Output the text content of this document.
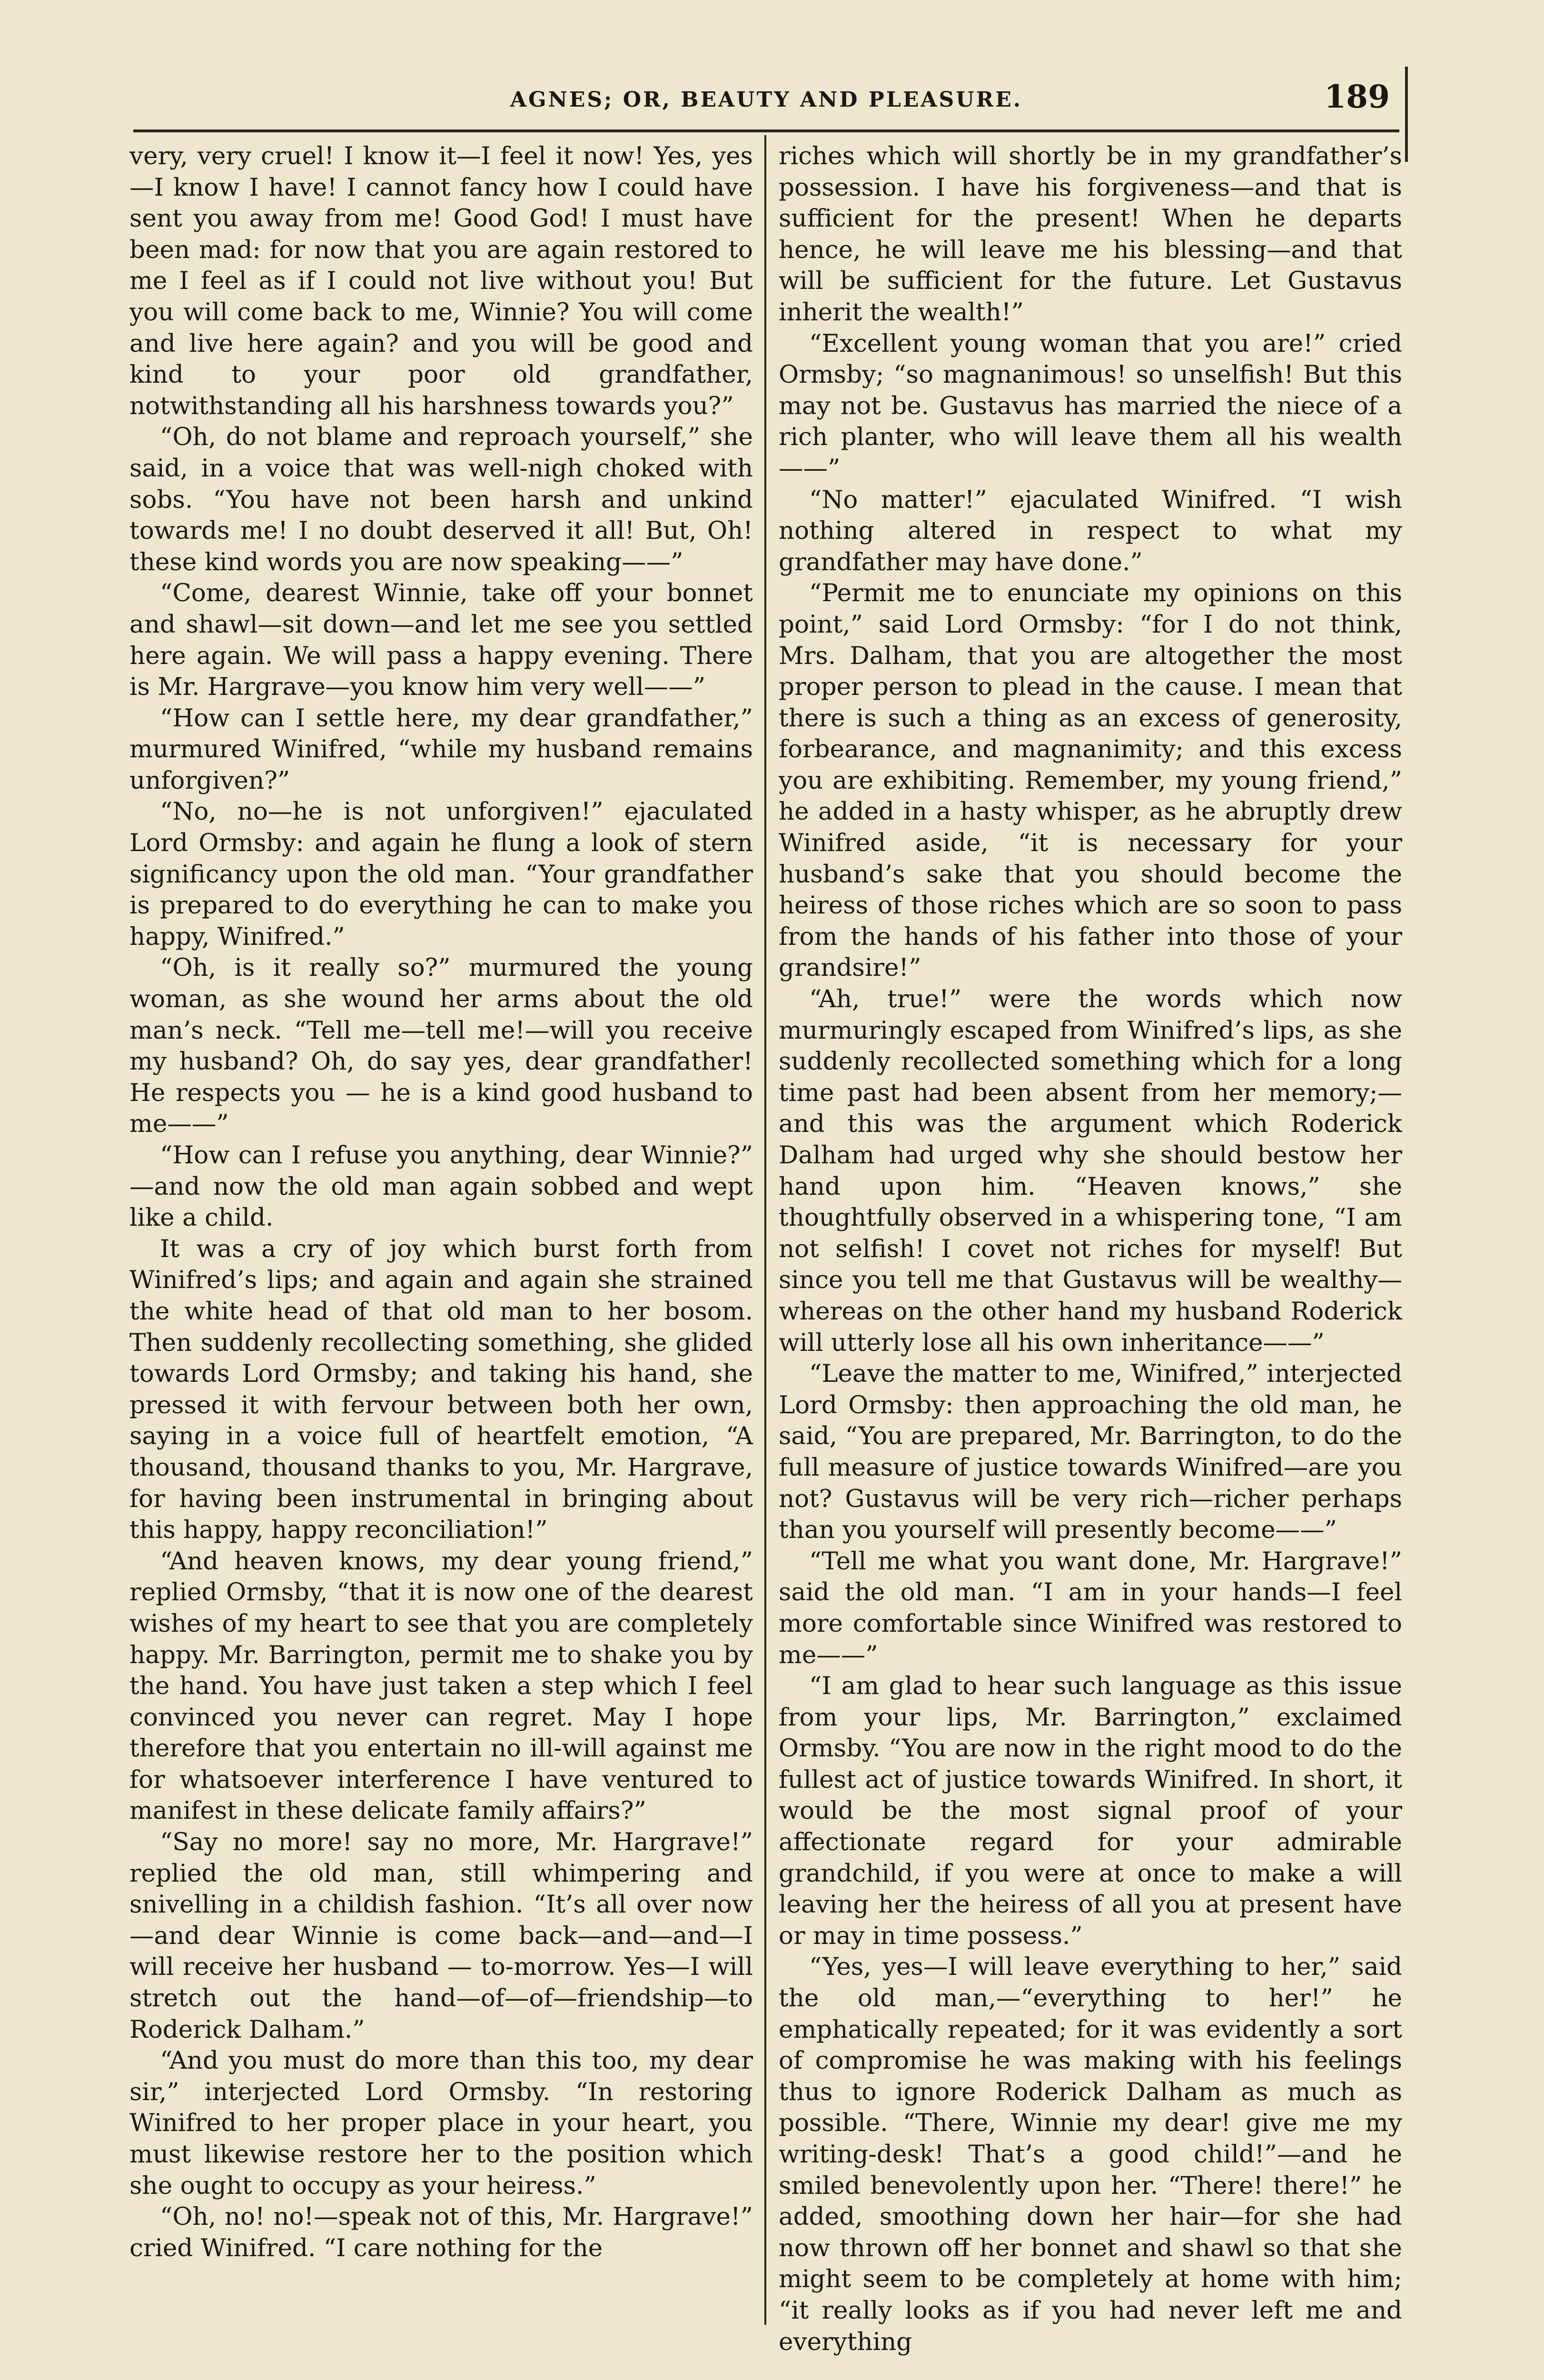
AGNES; OR, BEAUTY AND PLEASURE.	189

very, very cruel! I know it—I feel it now! Yes, yes—I know I have! I cannot fancy how I could have sent you away from me! Good God! I must have been mad: for now that you are again restored to me I feel as if I could not live without you! But you will come back to me, Winnie? You will come and live here again? and you will be good and kind to your poor old grandfather, notwithstanding all his harshness towards you?”

“Oh, do not blame and reproach yourself,” she said, in a voice that was well-nigh choked with sobs. “You have not been harsh and unkind towards me! I no doubt deserved it all! But, Oh! these kind words you are now speaking——”

“Come, dearest Winnie, take off your bonnet and shawl—sit down—and let me see you settled here again. We will pass a happy evening. There is Mr. Hargrave—you know him very well——”

“How can I settle here, my dear grandfather,” murmured Winifred, “while my husband remains unforgiven?”

“No, no—he is not unforgiven!” ejaculated Lord Ormsby: and again he flung a look of stern significancy upon the old man. “Your grandfather is prepared to do everything he can to make you happy, Winifred.”

“Oh, is it really so?” murmured the young woman, as she wound her arms about the old man’s neck. “Tell me—tell me!—will you receive my husband? Oh, do say yes, dear grandfather! He respects you — he is a kind good husband to me——”

“How can I refuse you anything, dear Winnie?” —and now the old man again sobbed and wept like a child.

It was a cry of joy which burst forth from Winifred’s lips; and again and again she strained the white head of that old man to her bosom. Then suddenly recollecting something, she glided towards Lord Ormsby; and taking his hand, she pressed it with fervour between both her own, saying in a voice full of heartfelt emotion, “A thousand, thousand thanks to you, Mr. Hargrave, for having been instrumental in bringing about this happy, happy reconciliation!”

“And heaven knows, my dear young friend,” replied Ormsby, “that it is now one of the dearest wishes of my heart to see that you are completely happy. Mr. Barrington, permit me to shake you by the hand. You have just taken a step which I feel convinced you never can regret. May I hope therefore that you entertain no ill-will against me for whatsoever interference I have ventured to manifest in these delicate family affairs?”

“Say no more! say no more, Mr. Hargrave!” replied the old man, still whimpering and snivelling in a childish fashion. “It’s all over now—and dear Winnie is come back—and—and—I will receive her husband — to-morrow. Yes—I will stretch out the hand—of—of—friendship—to Roderick Dalham.”

“And you must do more than this too, my dear sir,” interjected Lord Ormsby. “In restoring Winifred to her proper place in your heart, you must likewise restore her to the position which she ought to occupy as your heiress.”

“Oh, no! no!—speak not of this, Mr. Hargrave!” cried Winifred. “I care nothing for the

riches which will shortly be in my grandfather’s possession. I have his forgiveness—and that is sufficient for the present! When he departs hence, he will leave me his blessing—and that will be sufficient for the future. Let Gustavus inherit the wealth!”

“Excellent young woman that you are!” cried Ormsby; “so magnanimous! so unselfish! But this may not be. Gustavus has married the niece of a rich planter, who will leave them all his wealth——”

“No matter!” ejaculated Winifred. “I wish nothing altered in respect to what my grandfather may have done.”

“Permit me to enunciate my opinions on this point,” said Lord Ormsby: “for I do not think, Mrs. Dalham, that you are altogether the most proper person to plead in the cause. I mean that there is such a thing as an excess of generosity, forbearance, and magnanimity; and this excess you are exhibiting. Remember, my young friend,” he added in a hasty whisper, as he abruptly drew Winifred aside, “it is necessary for your husband’s sake that you should become the heiress of those riches which are so soon to pass from the hands of his father into those of your grandsire!”

“Ah, true!” were the words which now murmuringly escaped from Winifred’s lips, as she suddenly recollected something which for a long time past had been absent from her memory;—and this was the argument which Roderick Dalham had urged why she should bestow her hand upon him. “Heaven knows,” she thoughtfully observed in a whispering tone, “I am not selfish! I covet not riches for myself! But since you tell me that Gustavus will be wealthy—whereas on the other hand my husband Roderick will utterly lose all his own inheritance——”

“Leave the matter to me, Winifred,” interjected Lord Ormsby: then approaching the old man, he said, “You are prepared, Mr. Barrington, to do the full measure of justice towards Winifred—are you not? Gustavus will be very rich—richer perhaps than you yourself will presently become——”

“Tell me what you want done, Mr. Hargrave!” said the old man. “I am in your hands—I feel more comfortable since Winifred was restored to me——”

“I am glad to hear such language as this issue from your lips, Mr. Barrington,” exclaimed Ormsby. “You are now in the right mood to do the fullest act of justice towards Winifred. In short, it would be the most signal proof of your affectionate regard for your admirable grandchild, if you were at once to make a will leaving her the heiress of all you at present have or may in time possess.”

“Yes, yes—I will leave everything to her,” said the old man,—“everything to her!” he emphatically repeated; for it was evidently a sort of compromise he was making with his feelings thus to ignore Roderick Dalham as much as possible. “There, Winnie my dear! give me my writing-desk! That’s a good child!”—and he smiled benevolently upon her. “There! there!” he added, smoothing down her hair—for she had now thrown off her bonnet and shawl so that she might seem to be completely at home with him; “it really looks as if you had never left me and everything
